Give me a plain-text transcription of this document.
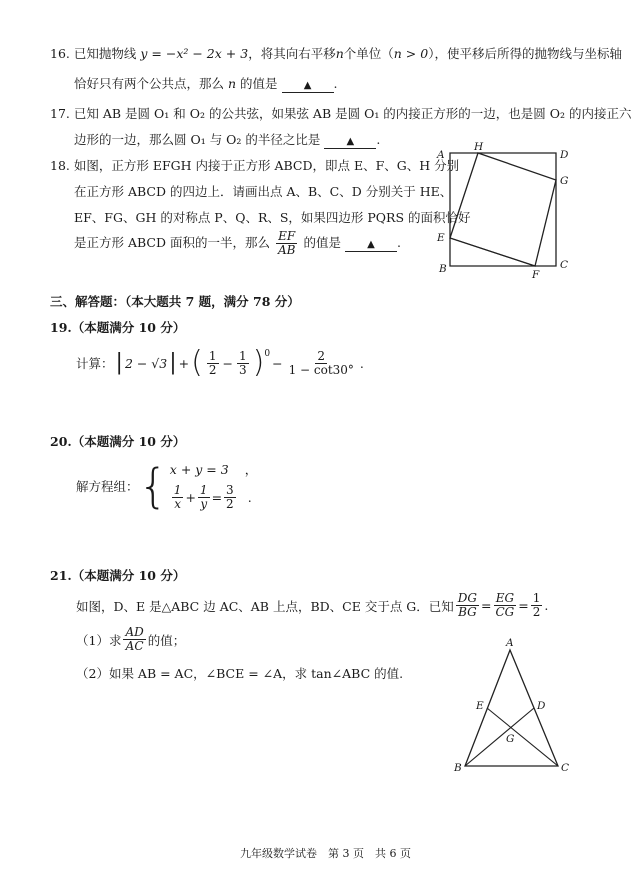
16. 已知抛物线 y = −x² − 2x + 3，将其向右平移n个单位（n > 0），使平移后所得的抛物线与坐标轴
恰好只有两个公共点，那么 n 的值是	▲ .
17. 已知 AB 是圆 O₁ 和 O₂ 的公共弦，如果弦 AB 是圆 O₁ 的内接正方形的一边，也是圆 O₂ 的内接正六
边形的一边，那么圆 O₁ 与 O₂ 的半径之比是	▲ .
18. 如图，正方形 EFGH 内接于正方形 ABCD，即点 E、F、G、H 分别
在正方形 ABCD 的四边上．请画出点 A、B、C、D 分别关于 HE、
EF、FG、GH 的对称点 P、Q、R、S，如果四边形 PQRS 的面积恰好
是正方形 ABCD 面积的一半，那么 $\frac{EF}{AB}$ 的值是	▲ .
A
H
D
G
E
B	F
C
三、解答题：（本大题共 7 题，满分 78 分）
19.（本题满分 10 分）
计算： | 2 − √3 | + ( $\frac{1}{2} - \frac{1}{3} )^0$
− $\frac{2}{1 - \cot 30^\circ}$ .
20.（本题满分 10 分）
解方程组： { x + y = 3 ，
$\frac{1}{x} + \frac{1}{y} = \frac{3}{2}$ .
21.（本题满分 10 分）
如图，D、E 是△ABC 边 AC、AB 上点，BD、CE 交于点 G．已知 $\frac{DG}{BG} = \frac{EG}{CG} = \frac{1}{2}$ .
（1）求 $\frac{AD}{AC}$ 的值；
（2）如果 AB = AC，∠BCE = ∠A，求 tan∠ABC 的值.
A
E	D
G
B	C
九年级数学试卷　第 3 页　共 6 页
